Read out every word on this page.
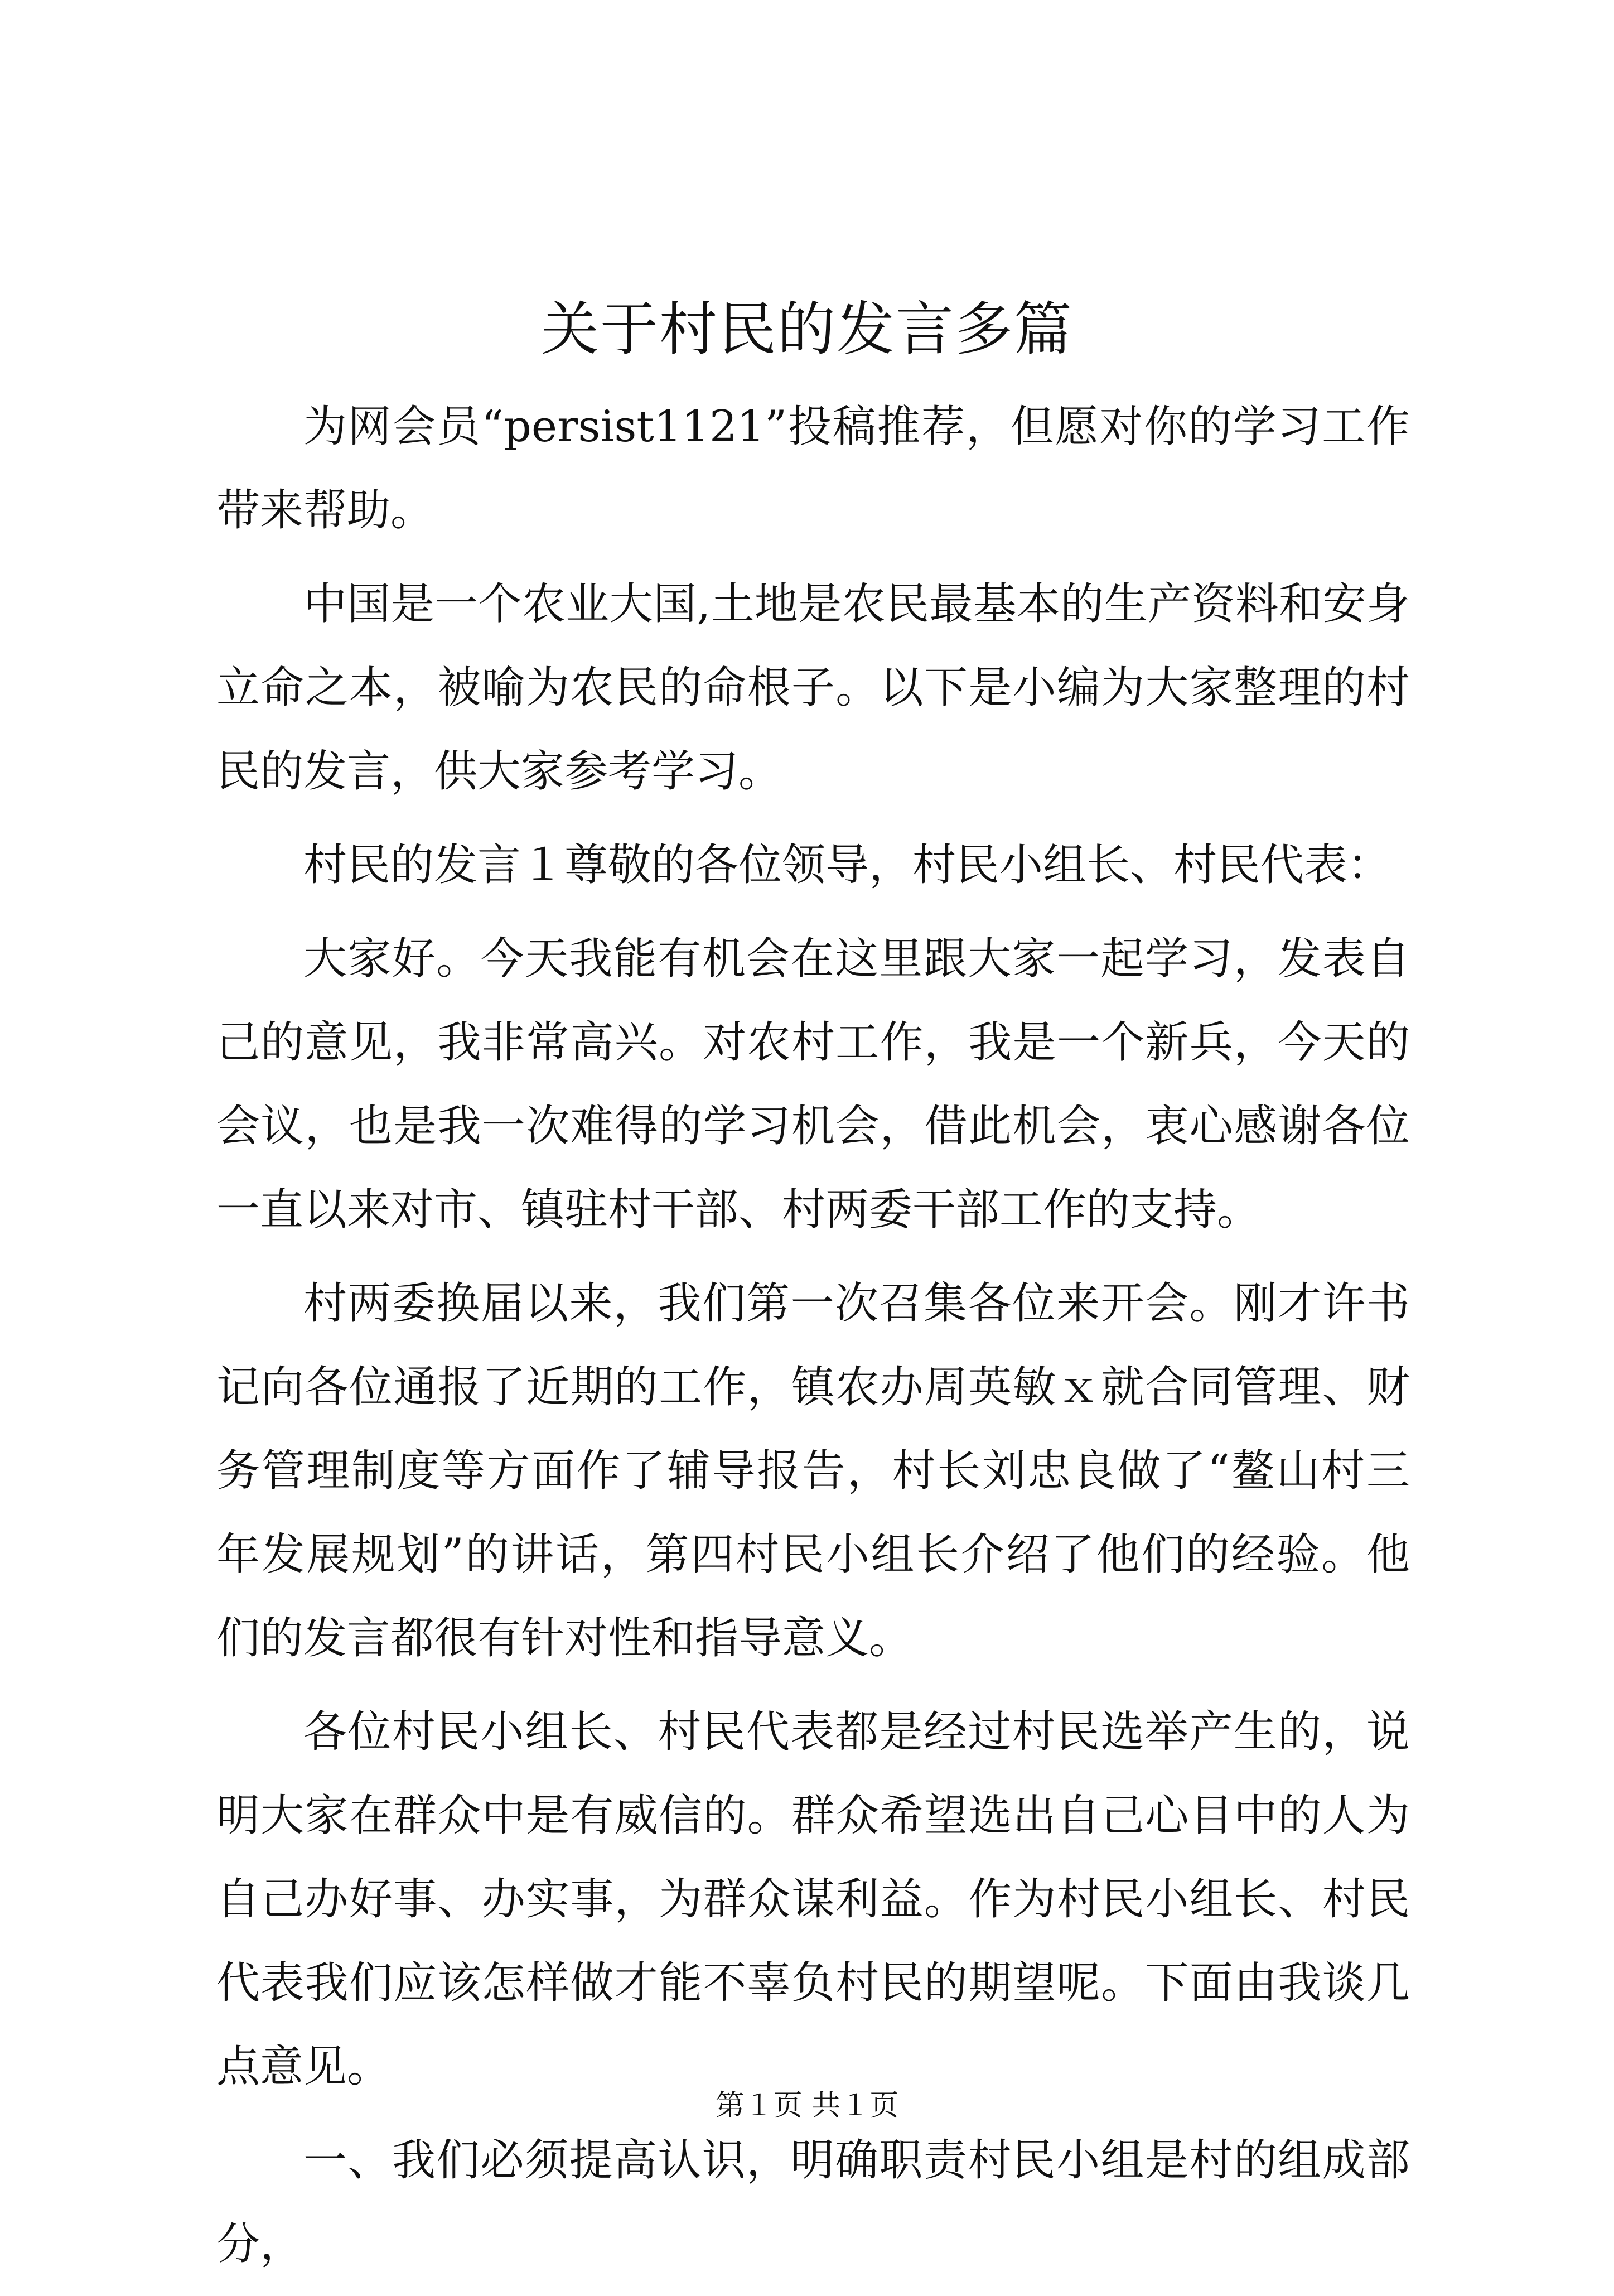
关于村民的发言多篇

为网会员“persist1121”投稿推荐，但愿对你的学习工作带来帮助。

中国是一个农业大国,土地是农民最基本的生产资料和安身立命之本，被喻为农民的命根子。以下是小编为大家整理的村民的发言，供大家参考学习。

村民的发言１尊敬的各位领导，村民小组长、村民代表：

大家好。今天我能有机会在这里跟大家一起学习，发表自己的意见，我非常高兴。对农村工作，我是一个新兵，今天的会议，也是我一次难得的学习机会，借此机会，衷心感谢各位一直以来对市、镇驻村干部、村两委干部工作的支持。

村两委换届以来，我们第一次召集各位来开会。刚才许书记向各位通报了近期的工作，镇农办周英敏ｘ就合同管理、财务管理制度等方面作了辅导报告，村长刘忠良做了“鳌山村三年发展规划”的讲话，第四村民小组长介绍了他们的经验。他们的发言都很有针对性和指导意义。

各位村民小组长、村民代表都是经过村民选举产生的，说明大家在群众中是有威信的。群众希望选出自己心目中的人为自己办好事、办实事，为群众谋利益。作为村民小组长、村民代表我们应该怎样做才能不辜负村民的期望呢。下面由我谈几点意见。

一、我们必须提高认识，明确职责村民小组是村的组成部分，

第１页 共１页
